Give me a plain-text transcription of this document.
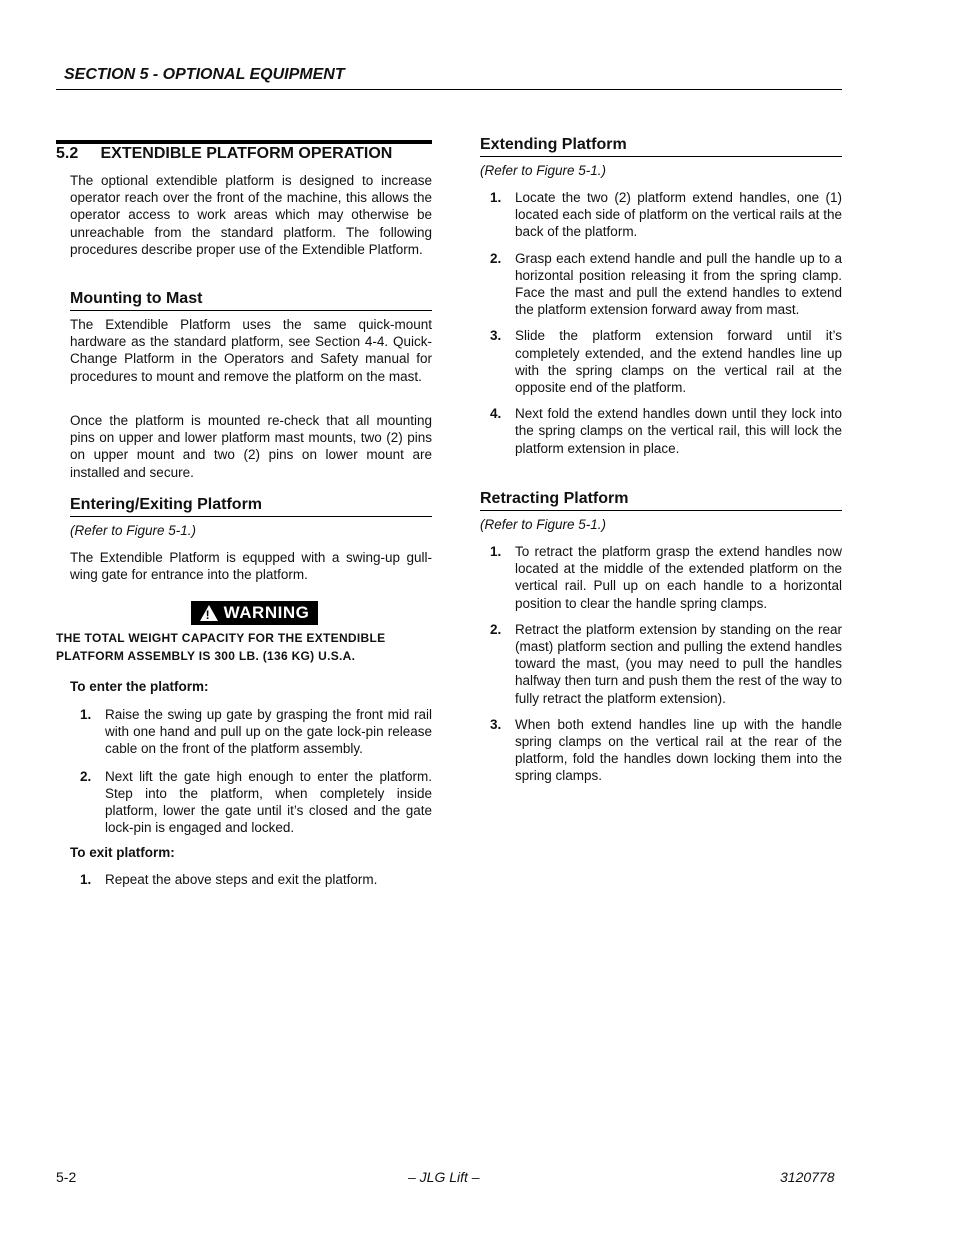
SECTION 5 - OPTIONAL EQUIPMENT
5.2     EXTENDIBLE PLATFORM OPERATION

The optional extendible platform is designed to increase operator reach over the front of the machine, this allows the operator access to work areas which may otherwise be unreachable from the standard platform. The following procedures describe proper use of the Extendible Platform.

Mounting to Mast

The Extendible Platform uses the same quick-mount hardware as the standard platform, see Section 4-4. Quick-Change Platform in the Operators and Safety manual for procedures to mount and remove the platform on the mast.

Once the platform is mounted re-check that all mounting pins on upper and lower platform mast mounts, two (2) pins on upper mount and two (2) pins on lower mount are installed and secure.

Entering/Exiting Platform
(Refer to Figure 5-1.)

The Extendible Platform is equpped with a swing-up gull-wing gate for entrance into the platform.

! WARNING
THE TOTAL WEIGHT CAPACITY FOR THE EXTENDIBLE PLATFORM ASSEMBLY IS 300 LB. (136 KG) U.S.A.
To enter the platform:
1. Raise the swing up gate by grasping the front mid rail with one hand and pull up on the gate lock-pin release cable on the front of the platform assembly.
2. Next lift the gate high enough to enter the platform. Step into the platform, when completely inside platform, lower the gate until it’s closed and the gate lock-pin is engaged and locked.
To exit platform:
1. Repeat the above steps and exit the platform.
Extending Platform
(Refer to Figure 5-1.)
1. Locate the two (2) platform extend handles, one (1) located each side of platform on the vertical rails at the back of the platform.
2. Grasp each extend handle and pull the handle up to a horizontal position releasing it from the spring clamp. Face the mast and pull the extend handles to extend the platform extension forward away from mast.
3. Slide the platform extension forward until it’s completely extended, and the extend handles line up with the spring clamps on the vertical rail at the opposite end of the platform.
4. Next fold the extend handles down until they lock into the spring clamps on the vertical rail, this will lock the platform extension in place.
Retracting Platform
(Refer to Figure 5-1.)
1. To retract the platform grasp the extend handles now located at the middle of the extended platform on the vertical rail. Pull up on each handle to a horizontal position to clear the handle spring clamps.
2. Retract the platform extension by standing on the rear (mast) platform section and pulling the extend handles toward the mast, (you may need to pull the handles halfway then turn and push them the rest of the way to fully retract the platform extension).
3. When both extend handles line up with the handle spring clamps on the vertical rail at the rear of the platform, fold the handles down locking them into the spring clamps.
5-2	– JLG Lift –	3120778
